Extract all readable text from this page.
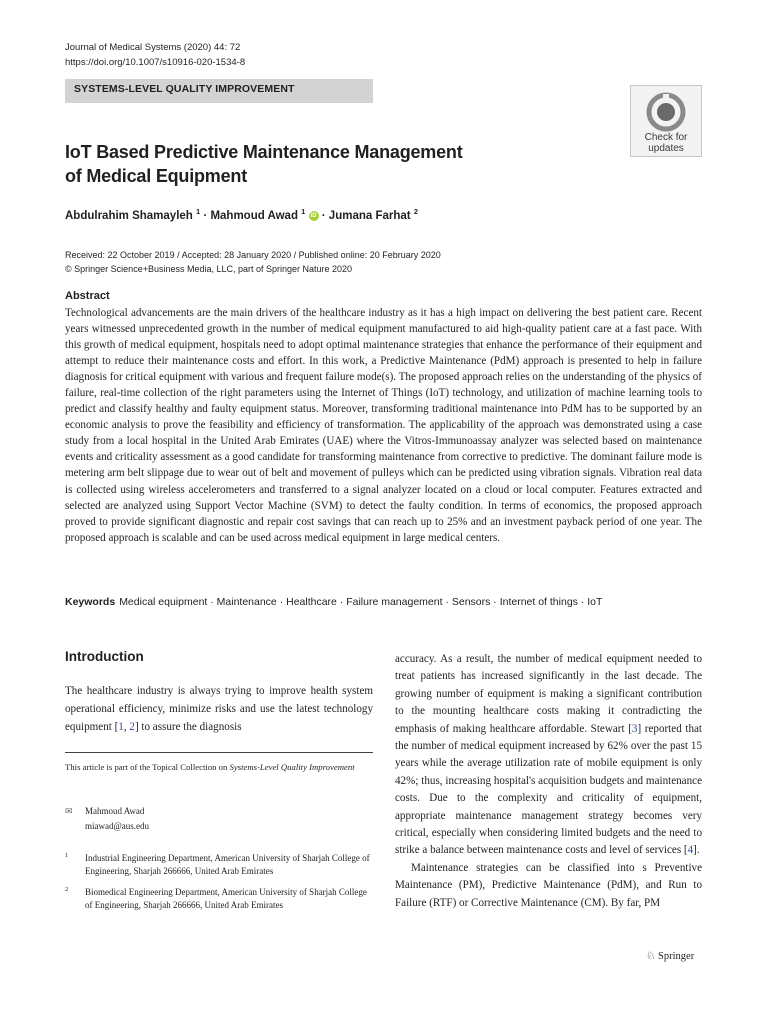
Journal of Medical Systems (2020) 44: 72
https://doi.org/10.1007/s10916-020-1534-8
SYSTEMS-LEVEL QUALITY IMPROVEMENT
Check for
updates
IoT Based Predictive Maintenance Management
of Medical Equipment
Abdulrahim Shamayleh $^1$ · Mahmoud Awad $^1$ iD · Jumana Farhat $^2$
Received: 22 October 2019 / Accepted: 28 January 2020 / Published online: 20 February 2020
© Springer Science+Business Media, LLC, part of Springer Nature 2020
Abstract
Technological advancements are the main drivers of the healthcare industry as it has a high impact on delivering the best patient care. Recent years witnessed unprecedented growth in the number of medical equipment manufactured to aid high-quality patient care at a fast pace. With this growth of medical equipment, hospitals need to adopt optimal maintenance strategies that enhance the performance of their equipment and attempt to reduce their maintenance costs and effort. In this work, a Predictive Maintenance (PdM) approach is presented to help in failure diagnosis for critical equipment with various and frequent failure mode(s). The proposed approach relies on the understanding of the physics of failure, real-time collection of the right parameters using the Internet of Things (IoT) technology, and utilization of machine learning tools to predict and classify healthy and faulty equipment status. Moreover, transforming traditional maintenance into PdM has to be supported by an economic analysis to prove the feasibility and efficiency of transformation. The applicability of the approach was demonstrated using a case study from a local hospital in the United Arab Emirates (UAE) where the Vitros-Immunoassay analyzer was selected based on maintenance events and criticality assessment as a good candidate for transforming maintenance from corrective to predictive. The dominant failure mode is metering arm belt slippage due to wear out of belt and movement of pulleys which can be predicted using vibration signals. Vibration real data is collected using wireless accelerometers and transferred to a signal analyzer located on a cloud or local computer. Features extracted and selected are analyzed using Support Vector Machine (SVM) to detect the faulty condition. In terms of economics, the proposed approach proved to provide significant diagnostic and repair cost savings that can reach up to 25% and an investment payback period of one year. The proposed approach is scalable and can be used across medical equipment in large medical centers.
Keywords Medical equipment · Maintenance · Healthcare · Failure management · Sensors · Internet of things · IoT
Introduction
The healthcare industry is always trying to improve health system operational efficiency, minimize risks and use the latest technology equipment [1, 2] to assure the diagnosis
This article is part of the Topical Collection on Systems-Level Quality Improvement
✉ Mahmoud Awad
miawad@aus.edu
1	Industrial Engineering Department, American University of Sharjah College of Engineering, Sharjah 266666, United Arab Emirates
2	Biomedical Engineering Department, American University of Sharjah College of Engineering, Sharjah 266666, United Arab Emirates

accuracy. As a result, the number of medical equipment needed to treat patients has increased significantly in the last decade. The growing number of equipment is making a significant contribution to the mounting healthcare costs making it contradicting the emphasis of making healthcare affordable. Stewart [3] reported that the number of medical equipment increased by 62% over the past 15 years while the average utilization rate of mobile equipment is only 42%; thus, increasing hospital's acquisition budgets and maintenance costs. Due to the complexity and criticality of equipment, appropriate maintenance management strategy becomes very critical, especially when considering limited budgets and the need to strike a balance between maintenance costs and level of services [4].

Maintenance strategies can be classified into s Preventive Maintenance (PM), Predictive Maintenance (PdM), and Run to Failure (RTF) or Corrective Maintenance (CM). By far, PM

♘ Springer
